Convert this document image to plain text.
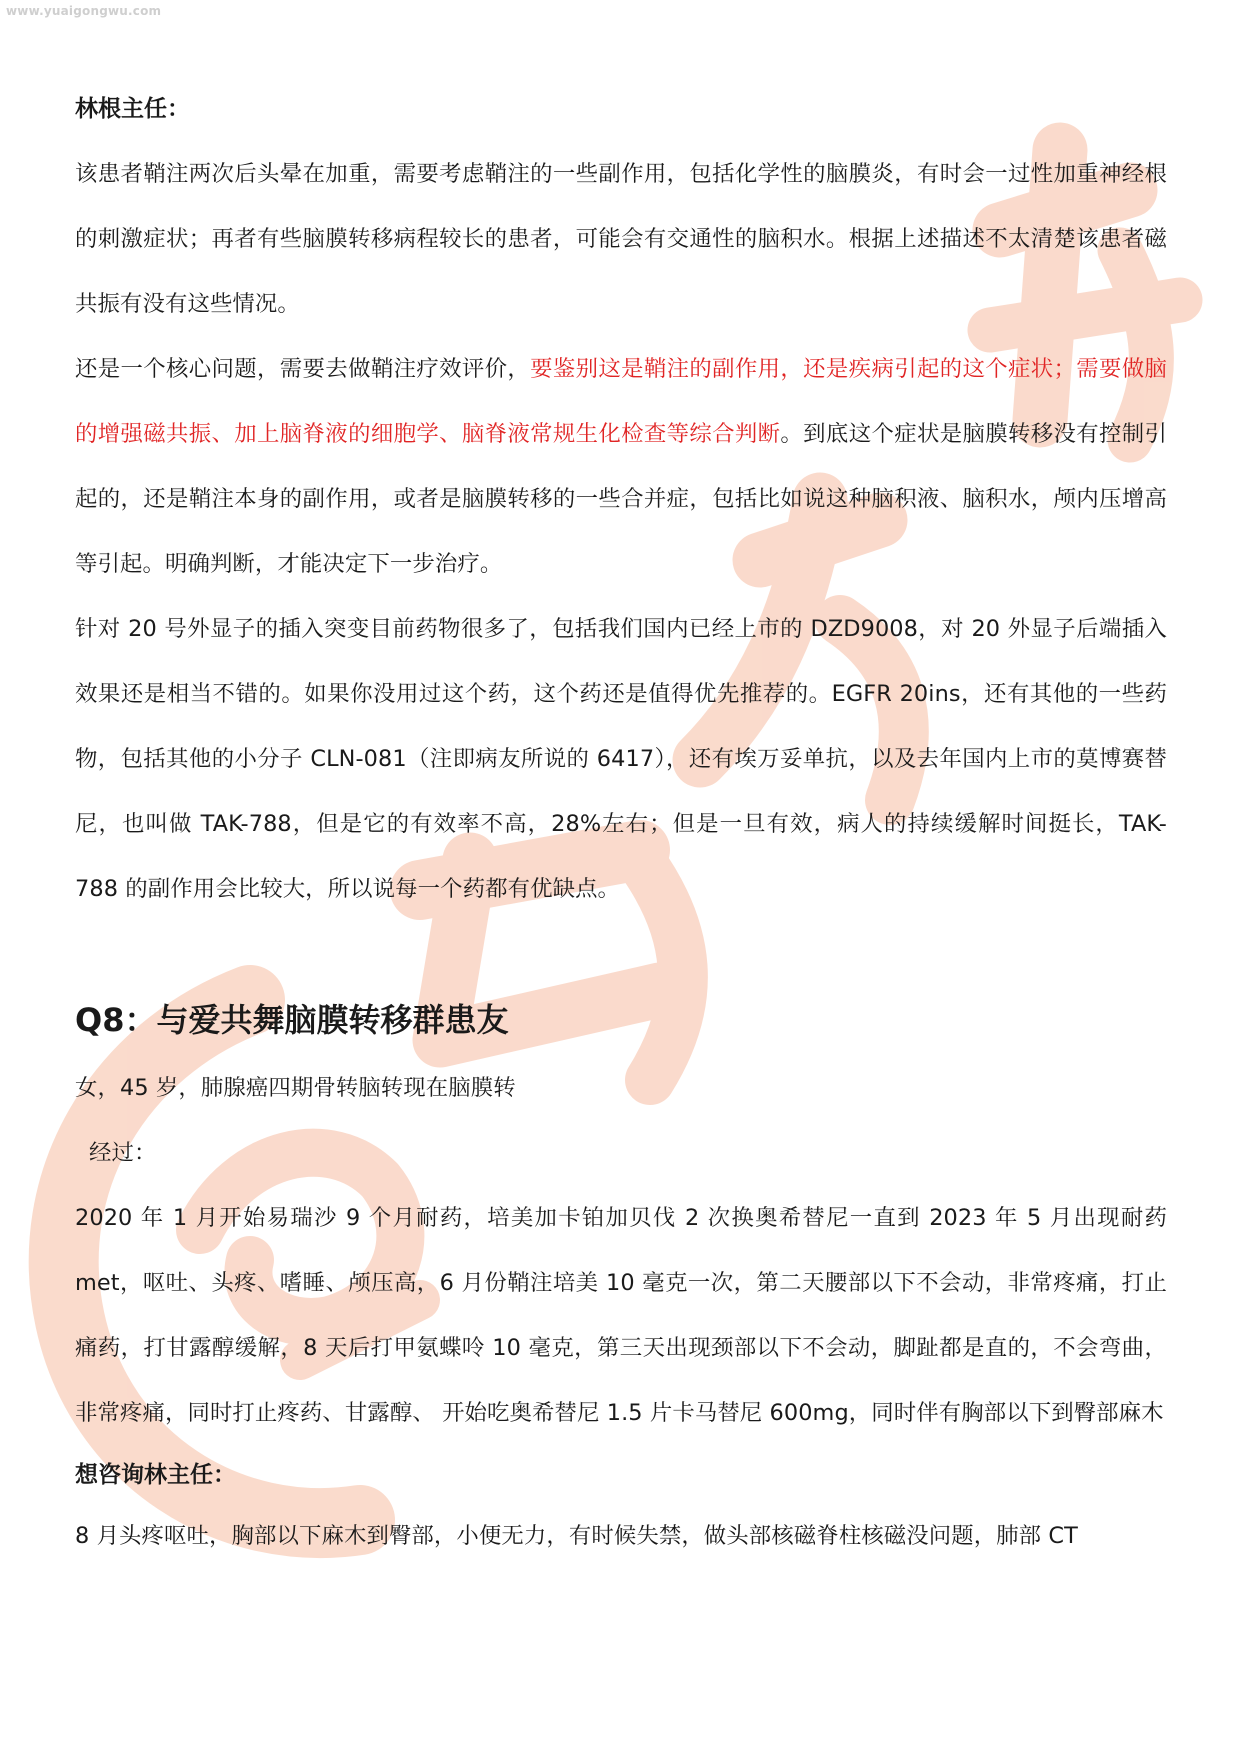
www.yuaigongwu.com

林根主任：

该患者鞘注两次后头晕在加重，需要考虑鞘注的一些副作用，包括化学性的脑膜炎，有时会一过性加重神经根的刺激症状；再者有些脑膜转移病程较长的患者，可能会有交通性的脑积水。根据上述描述不太清楚该患者磁共振有没有这些情况。

还是一个核心问题，需要去做鞘注疗效评价，要鉴别这是鞘注的副作用，还是疾病引起的这个症状；需要做脑的增强磁共振、加上脑脊液的细胞学、脑脊液常规生化检查等综合判断。到底这个症状是脑膜转移没有控制引起的，还是鞘注本身的副作用，或者是脑膜转移的一些合并症，包括比如说这种脑积液、脑积水，颅内压增高等引起。明确判断，才能决定下一步治疗。

针对 20 号外显子的插入突变目前药物很多了，包括我们国内已经上市的 DZD9008，对 20 外显子后端插入效果还是相当不错的。如果你没用过这个药，这个药还是值得优先推荐的。EGFR 20ins，还有其他的一些药物，包括其他的小分子 CLN-081（注即病友所说的 6417），还有埃万妥单抗，以及去年国内上市的莫博赛替尼，也叫做 TAK-788，但是它的有效率不高，28%左右；但是一旦有效，病人的持续缓解时间挺长，TAK-788 的副作用会比较大，所以说每一个药都有优缺点。

Q8：与爱共舞脑膜转移群患友

女，45 岁，肺腺癌四期骨转脑转现在脑膜转

经过：

2020 年 1 月开始易瑞沙 9 个月耐药，培美加卡铂加贝伐 2 次换奥希替尼一直到 2023 年 5 月出现耐药 met，呕吐、头疼、嗜睡、颅压高，6 月份鞘注培美 10 毫克一次，第二天腰部以下不会动，非常疼痛，打止痛药，打甘露醇缓解，8 天后打甲氨蝶呤 10 毫克，第三天出现颈部以下不会动，脚趾都是直的，不会弯曲，非常疼痛，同时打止疼药、甘露醇、 开始吃奥希替尼 1.5 片卡马替尼 600mg，同时伴有胸部以下到臀部麻木

想咨询林主任：

8 月头疼呕吐，胸部以下麻木到臀部，小便无力，有时候失禁，做头部核磁脊柱核磁没问题，肺部 CT
